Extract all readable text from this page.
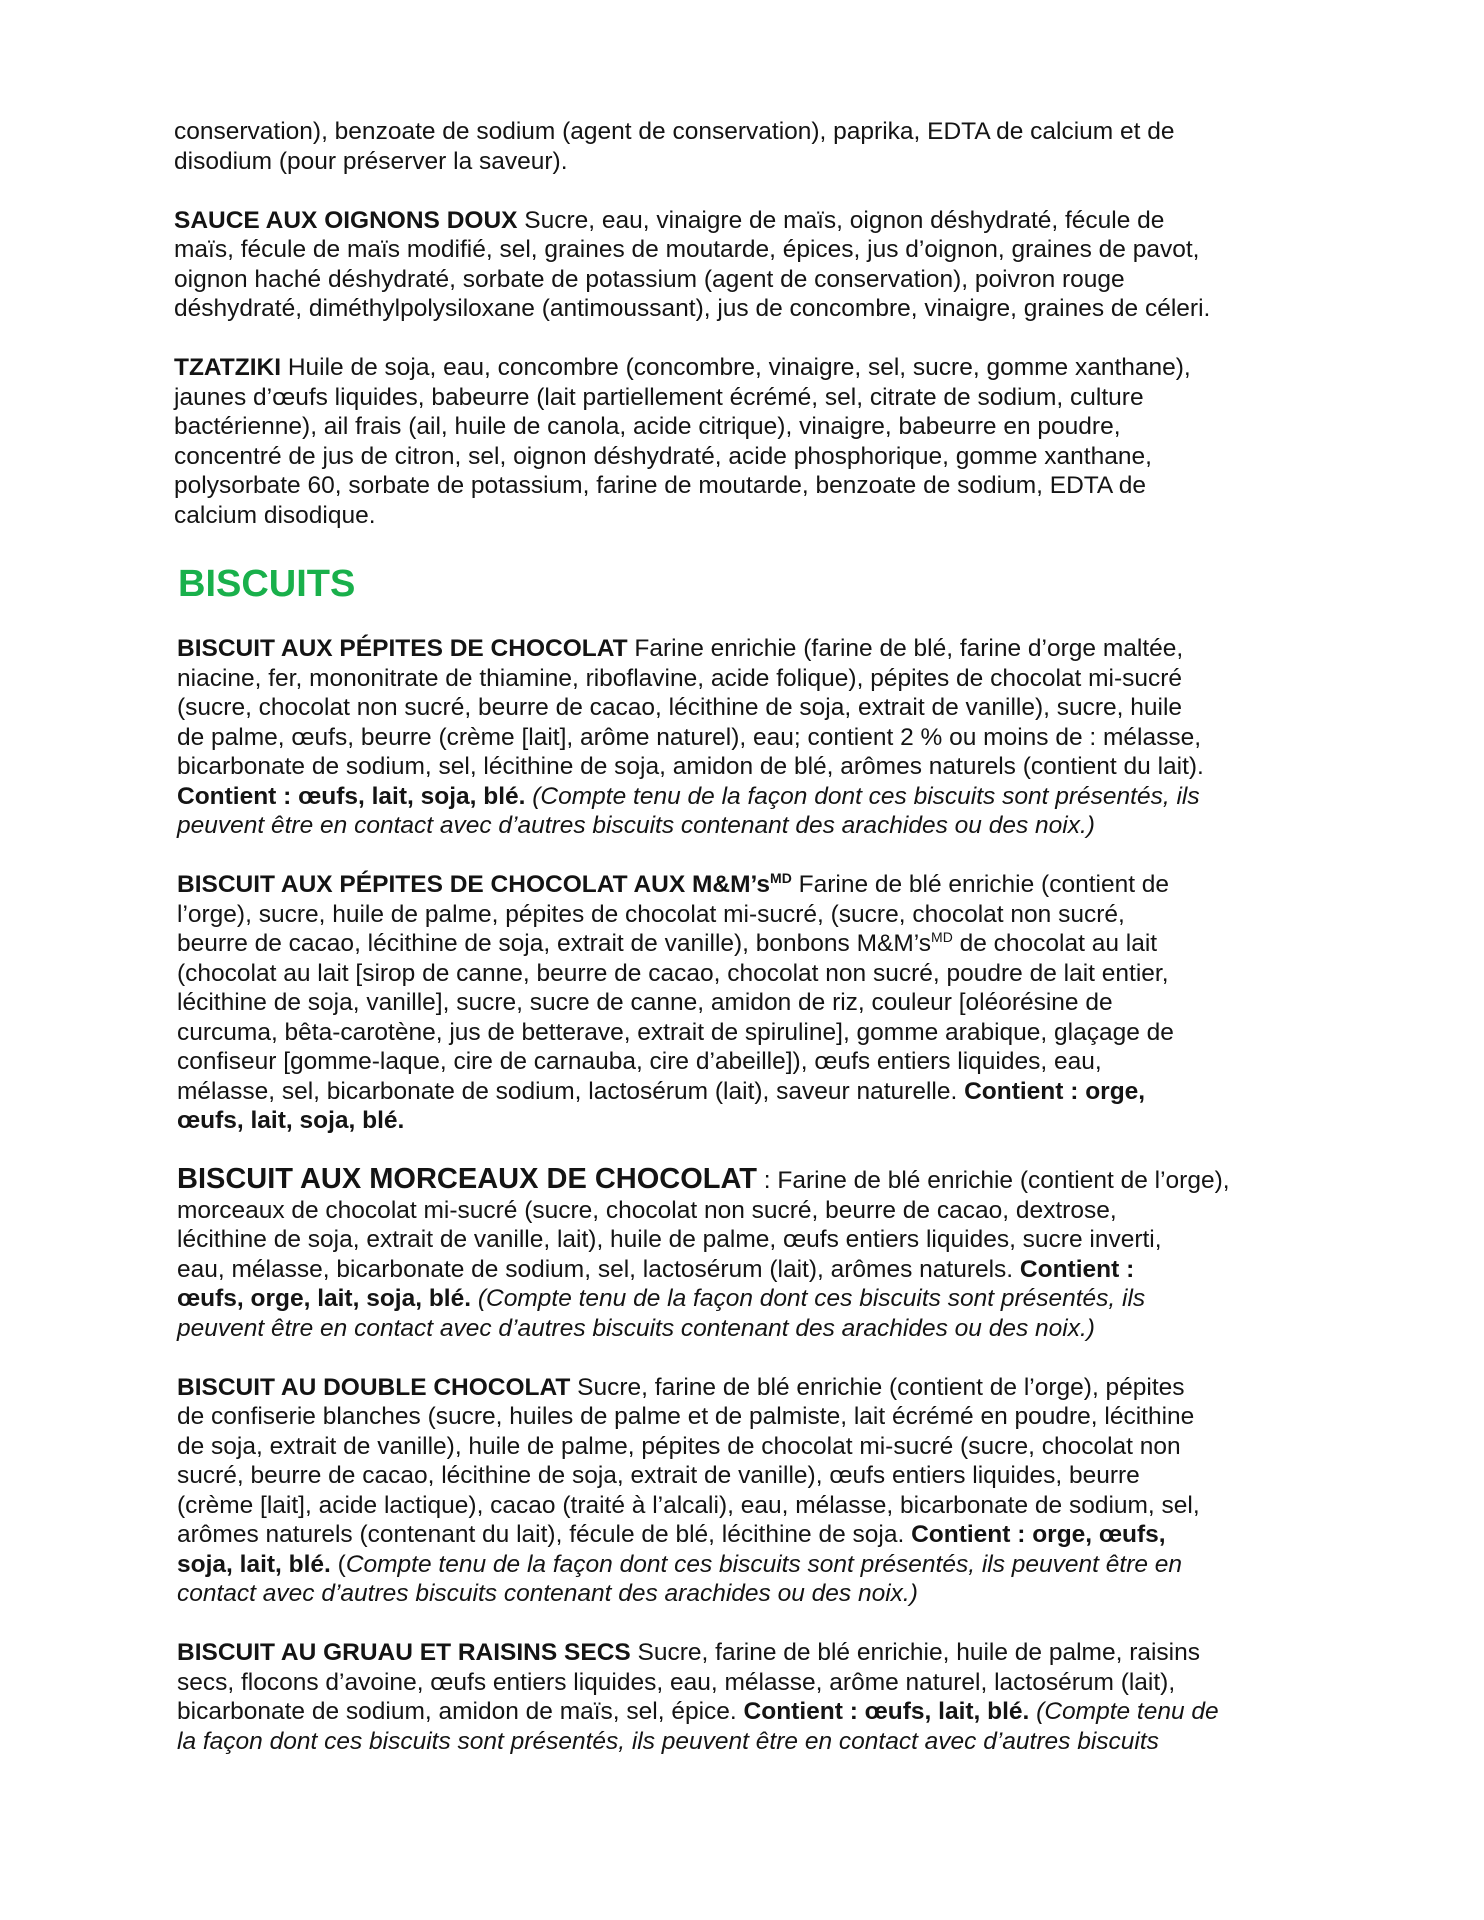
conservation), benzoate de sodium (agent de conservation), paprika, EDTA de calcium et de
disodium (pour préserver la saveur).

SAUCE AUX OIGNONS DOUX Sucre, eau, vinaigre de maïs, oignon déshydraté, fécule de
maïs, fécule de maïs modifié, sel, graines de moutarde, épices, jus d’oignon, graines de pavot,
oignon haché déshydraté, sorbate de potassium (agent de conservation), poivron rouge
déshydraté, diméthylpolysiloxane (antimoussant), jus de concombre, vinaigre, graines de céleri.

TZATZIKI Huile de soja, eau, concombre (concombre, vinaigre, sel, sucre, gomme xanthane),
jaunes d’œufs liquides, babeurre (lait partiellement écrémé, sel, citrate de sodium, culture
bactérienne), ail frais (ail, huile de canola, acide citrique), vinaigre, babeurre en poudre,
concentré de jus de citron, sel, oignon déshydraté, acide phosphorique, gomme xanthane,
polysorbate 60, sorbate de potassium, farine de moutarde, benzoate de sodium, EDTA de
calcium disodique.

BISCUITS

BISCUIT AUX PÉPITES DE CHOCOLAT Farine enrichie (farine de blé, farine d’orge maltée,
niacine, fer, mononitrate de thiamine, riboflavine, acide folique), pépites de chocolat mi-sucré
(sucre, chocolat non sucré, beurre de cacao, lécithine de soja, extrait de vanille), sucre, huile
de palme, œufs, beurre (crème [lait], arôme naturel), eau; contient 2 % ou moins de : mélasse,
bicarbonate de sodium, sel, lécithine de soja, amidon de blé, arômes naturels (contient du lait).
Contient : œufs, lait, soja, blé. (Compte tenu de la façon dont ces biscuits sont présentés, ils
peuvent être en contact avec d’autres biscuits contenant des arachides ou des noix.)

BISCUIT AUX PÉPITES DE CHOCOLAT AUX $M\&M’s^{MD}$ Farine de blé enrichie (contient de
l’orge), sucre, huile de palme, pépites de chocolat mi-sucré, (sucre, chocolat non sucré,
beurre de cacao, lécithine de soja, extrait de vanille), bonbons $M\&M’s^{MD}$ de chocolat au lait
(chocolat au lait [sirop de canne, beurre de cacao, chocolat non sucré, poudre de lait entier,
lécithine de soja, vanille], sucre, sucre de canne, amidon de riz, couleur [oléorésine de
curcuma, bêta-carotène, jus de betterave, extrait de spiruline], gomme arabique, glaçage de
confiseur [gomme-laque, cire de carnauba, cire d’abeille]), œufs entiers liquides, eau,
mélasse, sel, bicarbonate de sodium, lactosérum (lait), saveur naturelle. Contient : orge,
œufs, lait, soja, blé.

BISCUIT AUX MORCEAUX DE CHOCOLAT : Farine de blé enrichie (contient de l’orge),
morceaux de chocolat mi-sucré (sucre, chocolat non sucré, beurre de cacao, dextrose,
lécithine de soja, extrait de vanille, lait), huile de palme, œufs entiers liquides, sucre inverti,
eau, mélasse, bicarbonate de sodium, sel, lactosérum (lait), arômes naturels. Contient :
œufs, orge, lait, soja, blé. (Compte tenu de la façon dont ces biscuits sont présentés, ils
peuvent être en contact avec d’autres biscuits contenant des arachides ou des noix.)

BISCUIT AU DOUBLE CHOCOLAT Sucre, farine de blé enrichie (contient de l’orge), pépites
de confiserie blanches (sucre, huiles de palme et de palmiste, lait écrémé en poudre, lécithine
de soja, extrait de vanille), huile de palme, pépites de chocolat mi-sucré (sucre, chocolat non
sucré, beurre de cacao, lécithine de soja, extrait de vanille), œufs entiers liquides, beurre
(crème [lait], acide lactique), cacao (traité à l’alcali), eau, mélasse, bicarbonate de sodium, sel,
arômes naturels (contenant du lait), fécule de blé, lécithine de soja. Contient : orge, œufs,
soja, lait, blé. (Compte tenu de la façon dont ces biscuits sont présentés, ils peuvent être en
contact avec d’autres biscuits contenant des arachides ou des noix.)

BISCUIT AU GRUAU ET RAISINS SECS Sucre, farine de blé enrichie, huile de palme, raisins
secs, flocons d’avoine, œufs entiers liquides, eau, mélasse, arôme naturel, lactosérum (lait),
bicarbonate de sodium, amidon de maïs, sel, épice. Contient : œufs, lait, blé. (Compte tenu de
la façon dont ces biscuits sont présentés, ils peuvent être en contact avec d’autres biscuits
